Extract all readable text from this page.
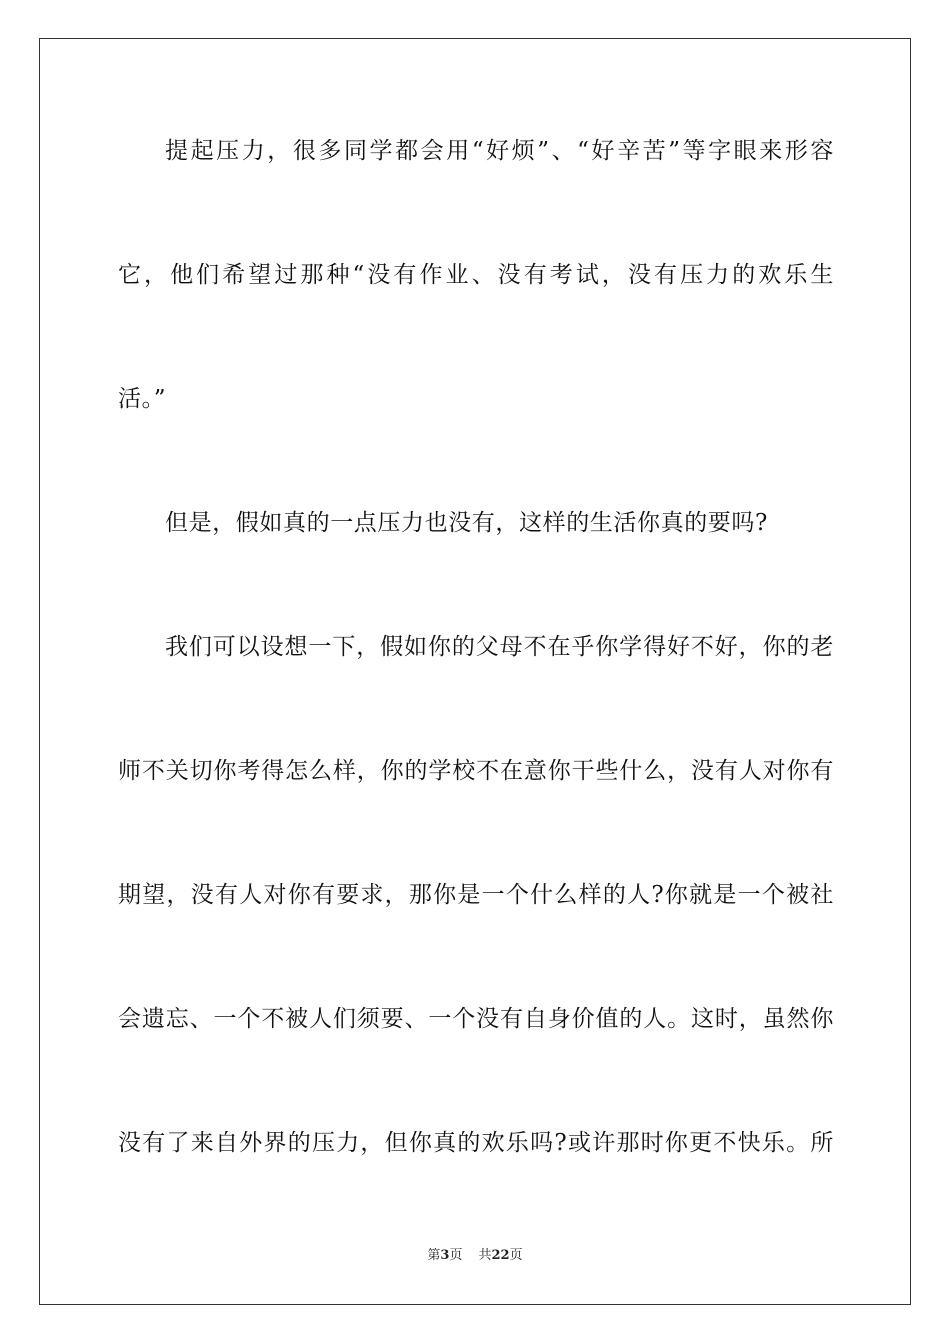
提起压力，很多同学都会用“好烦”、“好辛苦”等字眼来形容
它，他们希望过那种“没有作业、没有考试，没有压力的欢乐生
活。”
但是，假如真的一点压力也没有，这样的生活你真的要吗?
我们可以设想一下，假如你的父母不在乎你学得好不好，你的老
师不关切你考得怎么样，你的学校不在意你干些什么，没有人对你有
期望，没有人对你有要求，那你是一个什么样的人?你就是一个被社
会遗忘、一个不被人们须要、一个没有自身价值的人。这时，虽然你
没有了来自外界的压力，但你真的欢乐吗?或许那时你更不快乐。所
第3页 共22页
